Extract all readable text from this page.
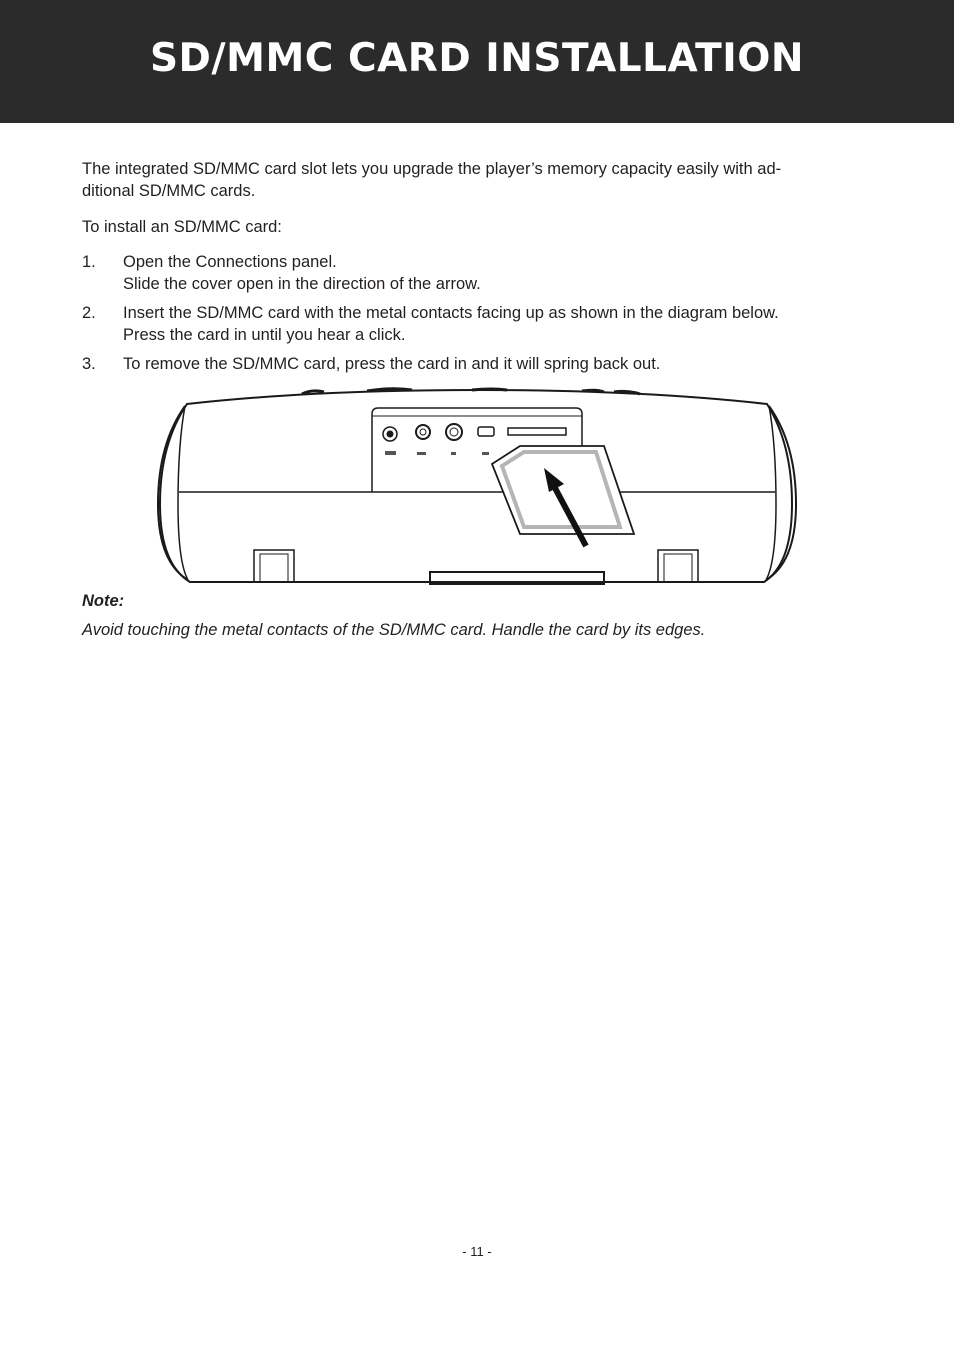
SD/MMC CARD INSTALLATION

The integrated SD/MMC card slot lets you upgrade the player’s memory capacity easily with ad-
ditional SD/MMC cards.

To install an SD/MMC card:

1. Open the Connections panel.
Slide the cover open in the direction of the arrow.
2. Insert the SD/MMC card with the metal contacts facing up as shown in the diagram below.
Press the card in until you hear a click.
3. To remove the SD/MMC card, press the card in and it will spring back out.

Note:

Avoid touching the metal contacts of the SD/MMC card. Handle the card by its edges.

- 11 -
